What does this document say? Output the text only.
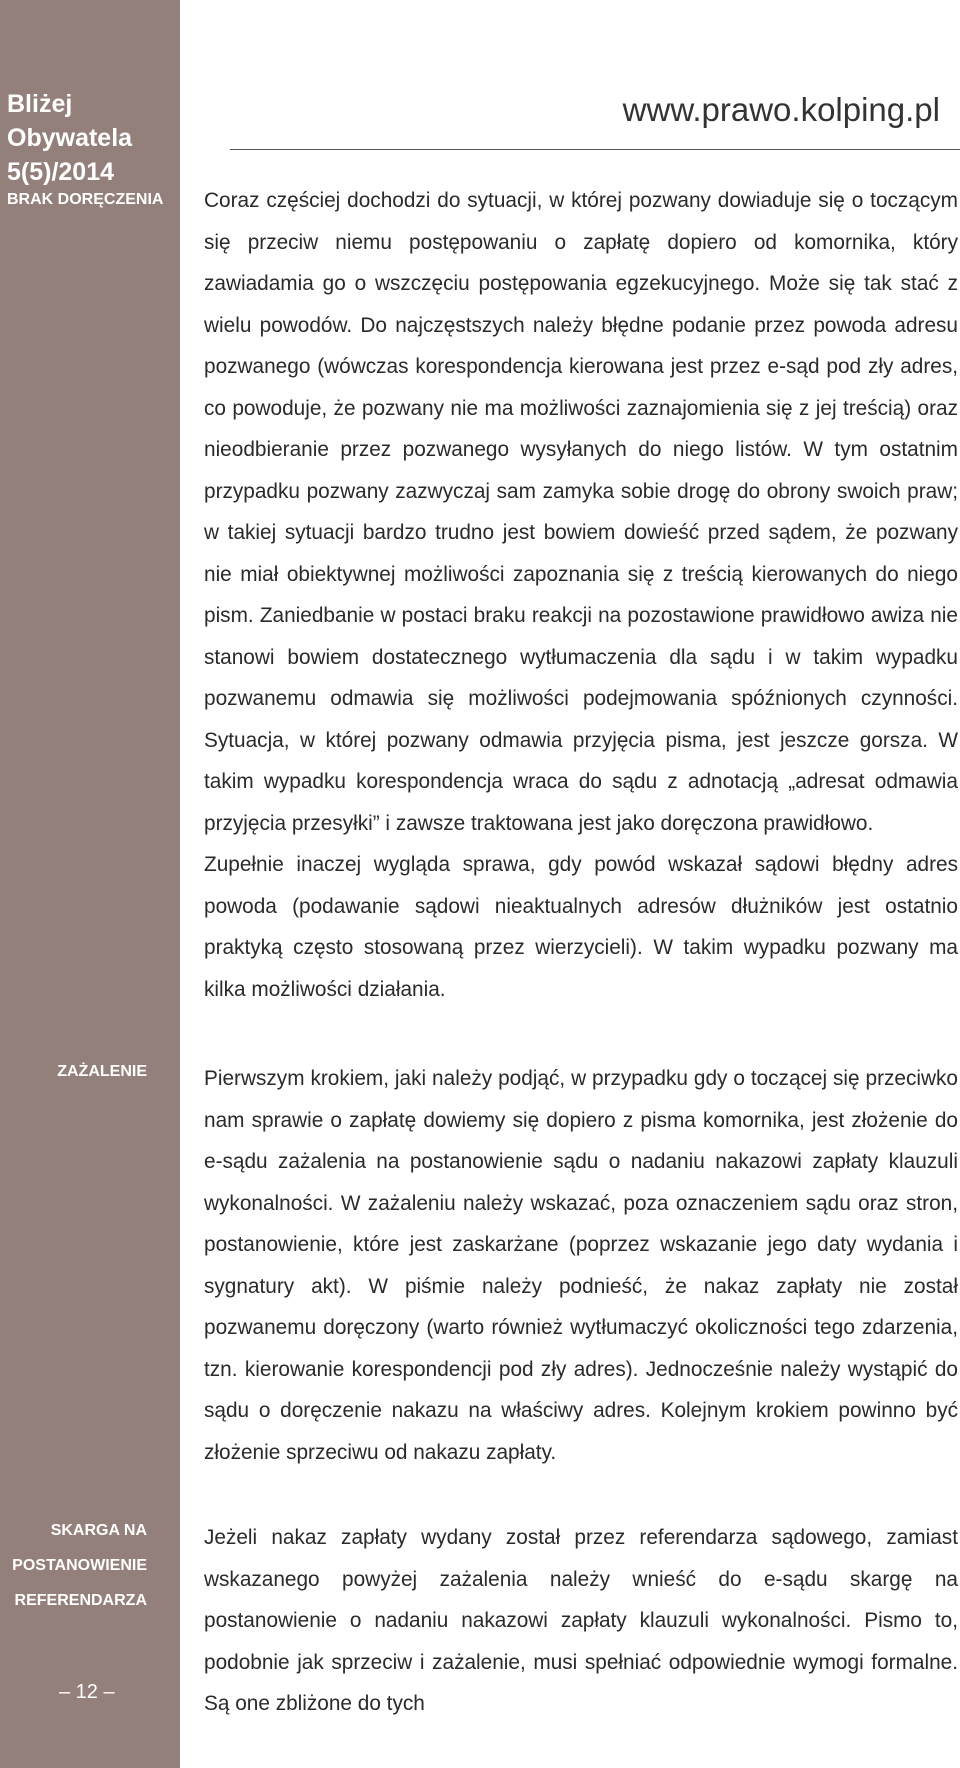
Bliżej
Obywatela
5(5)/2014
BRAK DORĘCZENIA
ZAŻALENIE
SKARGA NA
POSTANOWIENIE
REFERENDARZA
– 12 –
www.prawo.kolping.pl

Coraz częściej dochodzi do sytuacji, w której pozwany dowiaduje się o toczącym się przeciw niemu postępowaniu o zapłatę dopiero od komornika, który zawiadamia go o wszczęciu postępowania egzekucyjnego. Może się tak stać z wielu powodów. Do najczęstszych należy błędne podanie przez powoda adresu pozwanego (wówczas korespondencja kierowana jest przez e-sąd pod zły adres, co powoduje, że pozwany nie ma możliwości zaznajomienia się z jej treścią) oraz nieodbieranie przez pozwanego wysyłanych do niego listów. W tym ostatnim przypadku pozwany zazwyczaj sam zamyka sobie drogę do obrony swoich praw; w takiej sytuacji bardzo trudno jest bowiem dowieść przed sądem, że pozwany nie miał obiektywnej możliwości zapoznania się z treścią kierowanych do niego pism. Zaniedbanie w postaci braku reakcji na pozostawione prawidłowo awiza nie stanowi bowiem dostatecznego wytłumaczenia dla sądu i w takim wypadku pozwanemu odmawia się możliwości podejmowania spóźnionych czynności. Sytuacja, w której pozwany odmawia przyjęcia pisma, jest jeszcze gorsza. W takim wypadku korespondencja wraca do sądu z adnotacją „adresat odmawia przyjęcia przesyłki” i zawsze traktowana jest jako doręczona prawidłowo.

Zupełnie inaczej wygląda sprawa, gdy powód wskazał sądowi błędny adres powoda (podawanie sądowi nieaktualnych adresów dłużników jest ostatnio praktyką często stosowaną przez wierzycieli). W takim wypadku pozwany ma kilka możliwości działania.

Pierwszym krokiem, jaki należy podjąć, w przypadku gdy o toczącej się przeciwko nam sprawie o zapłatę dowiemy się dopiero z pisma komornika, jest złożenie do e-sądu zażalenia na postanowienie sądu o nadaniu nakazowi zapłaty klauzuli wykonalności. W zażaleniu należy wskazać, poza oznaczeniem sądu oraz stron, postanowienie, które jest zaskarżane (poprzez wskazanie jego daty wydania i sygnatury akt). W piśmie należy podnieść, że nakaz zapłaty nie został pozwanemu doręczony (warto również wytłumaczyć okoliczności tego zdarzenia, tzn. kierowanie korespondencji pod zły adres). Jednocześnie należy wystąpić do sądu o doręczenie nakazu na właściwy adres. Kolejnym krokiem powinno być złożenie sprzeciwu od nakazu zapłaty.

Jeżeli nakaz zapłaty wydany został przez referendarza sądowego, zamiast wskazanego powyżej zażalenia należy wnieść do e-sądu skargę na postanowienie o nadaniu nakazowi zapłaty klauzuli wykonalności. Pismo to, podobnie jak sprzeciw i zażalenie, musi spełniać odpowiednie wymogi formalne. Są one zbliżone do tych
